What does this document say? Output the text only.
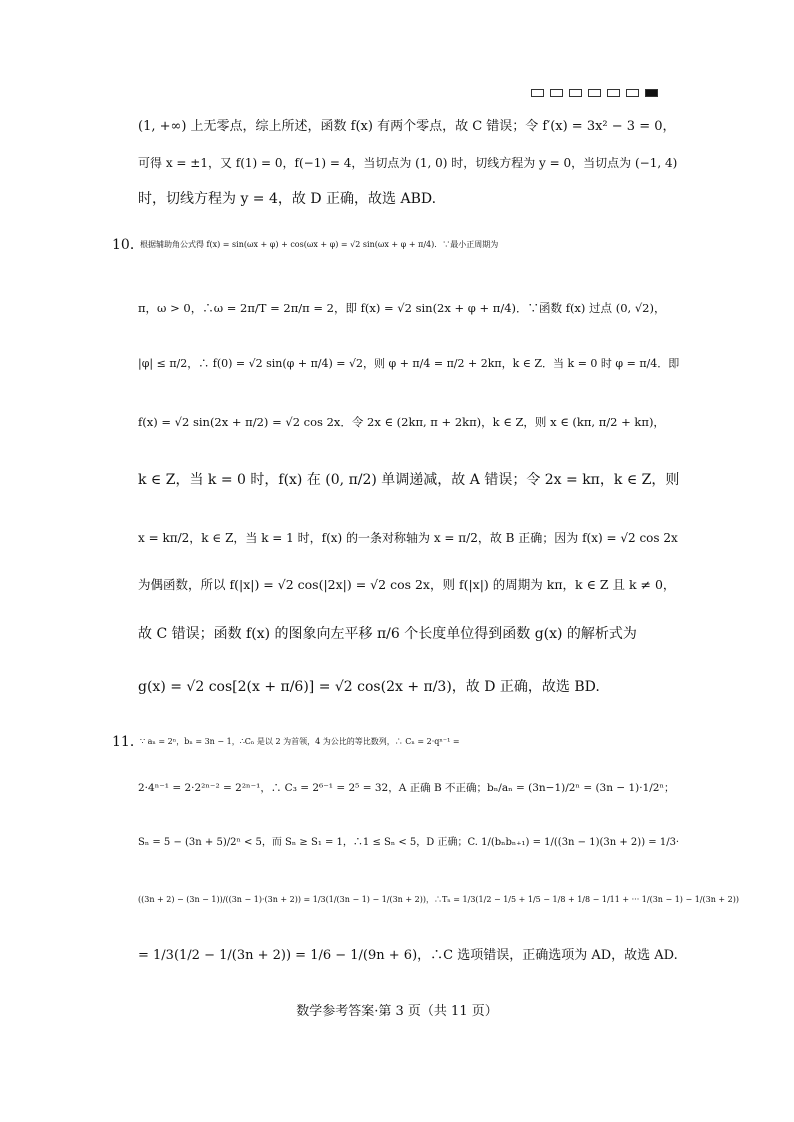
(1, +∞) 上无零点，综上所述，函数 f(x) 有两个零点，故 C 错误；令 f′(x) = 3x² − 3 = 0，
可得 x = ±1，又 f(1) = 0，f(−1) = 4，当切点为 (1, 0) 时，切线方程为 y = 0，当切点为 (−1, 4)
时，切线方程为 y = 4，故 D 正确，故选 ABD.
10．
根据辅助角公式得 f(x) = sin(ωx + φ) + cos(ωx + φ) = √2 sin(ωx + φ + π/4)．∵最小正周期为
π，ω > 0，∴ω = 2π/T = 2π/π = 2，即 f(x) = √2 sin(2x + φ + π/4)．∵函数 f(x) 过点 (0, √2)，
|φ| ≤ π/2，∴ f(0) = √2 sin(φ + π/4) = √2，则 φ + π/4 = π/2 + 2kπ，k ∈ Z．当 k = 0 时 φ = π/4．即
f(x) = √2 sin(2x + π/2) = √2 cos 2x．令 2x ∈ (2kπ, π + 2kπ)，k ∈ Z，则 x ∈ (kπ, π/2 + kπ)，
k ∈ Z，当 k = 0 时，f(x) 在 (0, π/2) 单调递减，故 A 错误；令 2x = kπ，k ∈ Z，则
x = kπ/2，k ∈ Z，当 k = 1 时，f(x) 的一条对称轴为 x = π/2，故 B 正确；因为 f(x) = √2 cos 2x
为偶函数，所以 f(|x|) = √2 cos(|2x|) = √2 cos 2x，则 f(|x|) 的周期为 kπ，k ∈ Z 且 k ≠ 0，
故 C 错误；函数 f(x) 的图象向左平移 π/6 个长度单位得到函数 g(x) 的解析式为
g(x) = √2 cos[2(x + π/6)] = √2 cos(2x + π/3)，故 D 正确，故选 BD.
11．
∵ aₙ = 2ⁿ，bₙ = 3n − 1，∴Cₙ 是以 2 为首领，4 为公比的等比数列，∴ Cₙ = 2·qⁿ⁻¹ =
2·4ⁿ⁻¹ = 2·2²ⁿ⁻² = 2²ⁿ⁻¹，∴ C₃ = 2⁶⁻¹ = 2⁵ = 32，A 正确 B 不正确；bₙ/aₙ = (3n−1)/2ⁿ = (3n − 1)·1/2ⁿ；
Sₙ = 5 − (3n + 5)/2ⁿ < 5，而 Sₙ ≥ S₁ = 1，∴1 ≤ Sₙ < 5，D 正确；C. 1/(bₙbₙ₊₁) = 1/((3n − 1)(3n + 2)) = 1/3·
((3n + 2) − (3n − 1))/((3n − 1)·(3n + 2)) = 1/3(1/(3n − 1) − 1/(3n + 2))，∴Tₙ = 1/3(1/2 − 1/5 + 1/5 − 1/8 + 1/8 − 1/11 + ··· 1/(3n − 1) − 1/(3n + 2))
= 1/3(1/2 − 1/(3n + 2)) = 1/6 − 1/(9n + 6)，∴C 选项错误，正确选项为 AD，故选 AD.
数学参考答案·第 3 页（共 11 页）
